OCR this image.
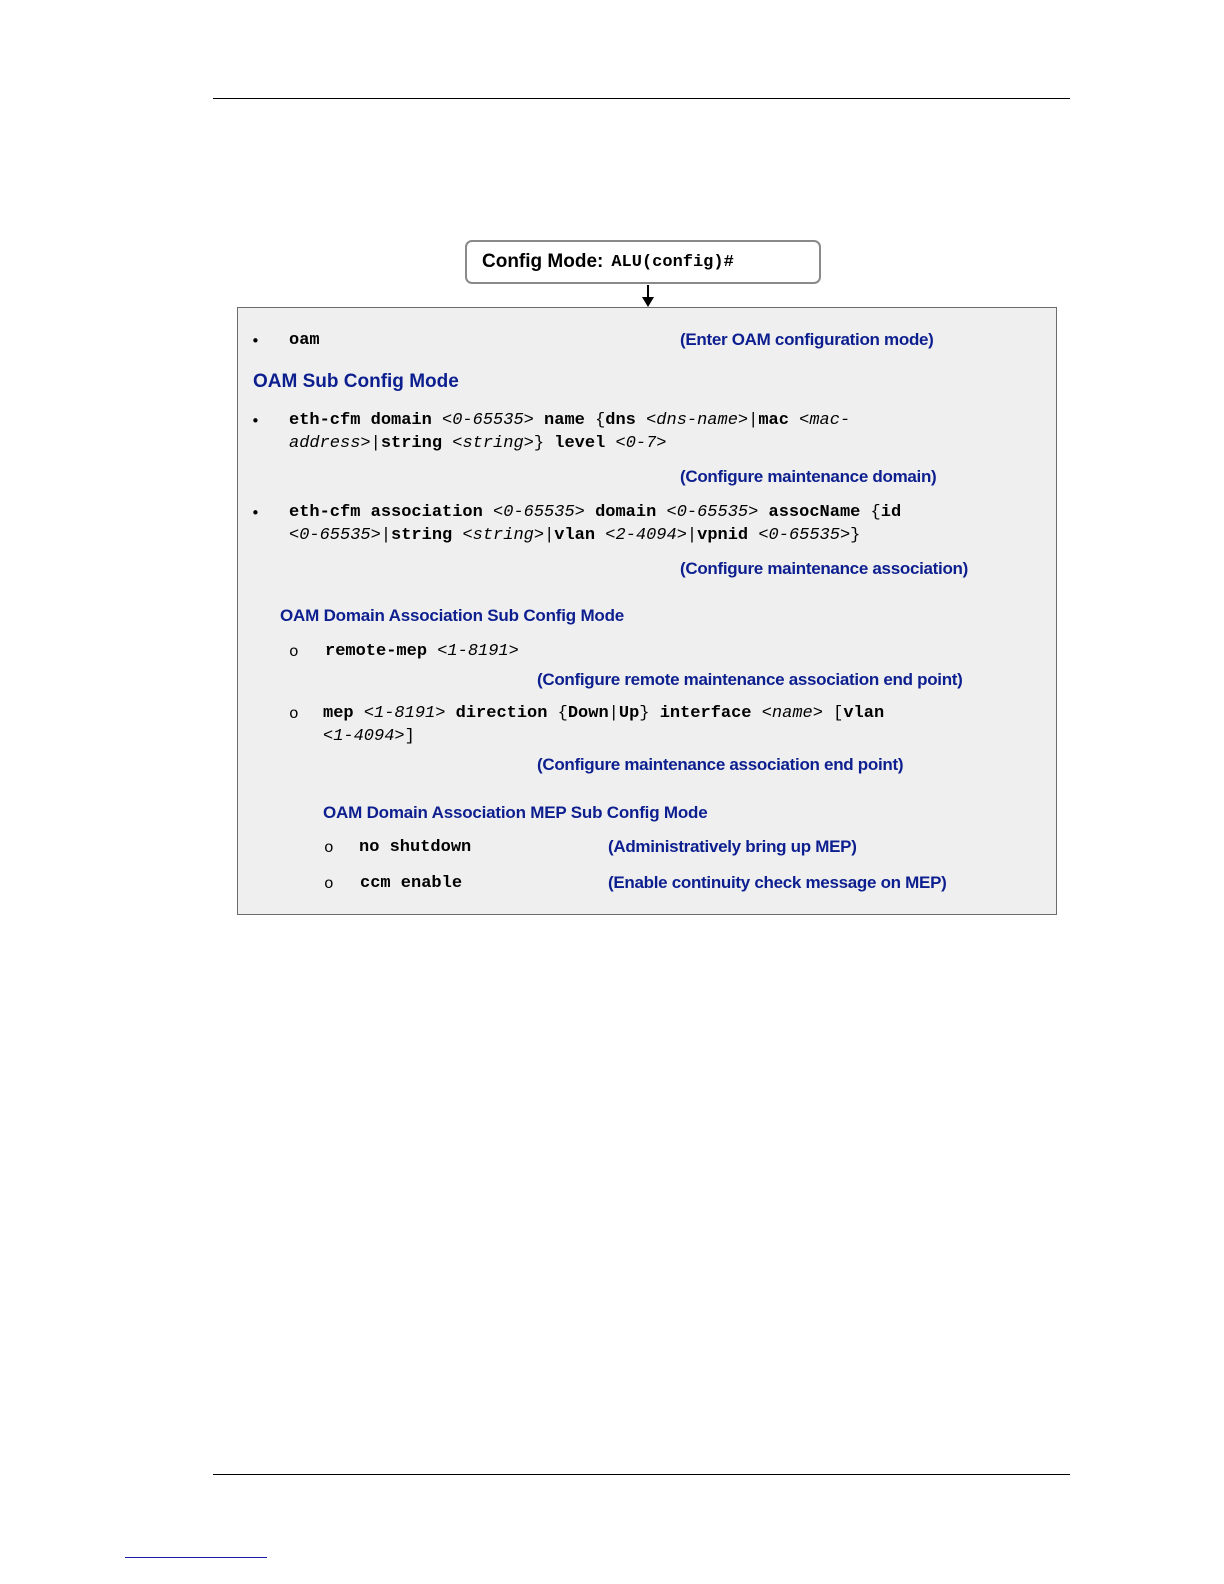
Config Mode: ALU(config)#
• oam	(Enter OAM configuration mode)
OAM Sub Config Mode
• eth-cfm domain <0-65535> name {dns <dns-name>|mac <mac-
address>|string <string>} level <0-7>
(Configure maintenance domain)
• eth-cfm association <0-65535> domain <0-65535> assocName {id
<0-65535>|string <string>|vlan <2-4094>|vpnid <0-65535>}
(Configure maintenance association)
OAM Domain Association Sub Config Mode
o remote-mep <1-8191>
(Configure remote maintenance association end point)
o mep <1-8191> direction {Down|Up} interface <name> [vlan
<1-4094>]
(Configure maintenance association end point)
OAM Domain Association MEP Sub Config Mode
o no shutdown	(Administratively bring up MEP)
o ccm enable	(Enable continuity check message on MEP)
